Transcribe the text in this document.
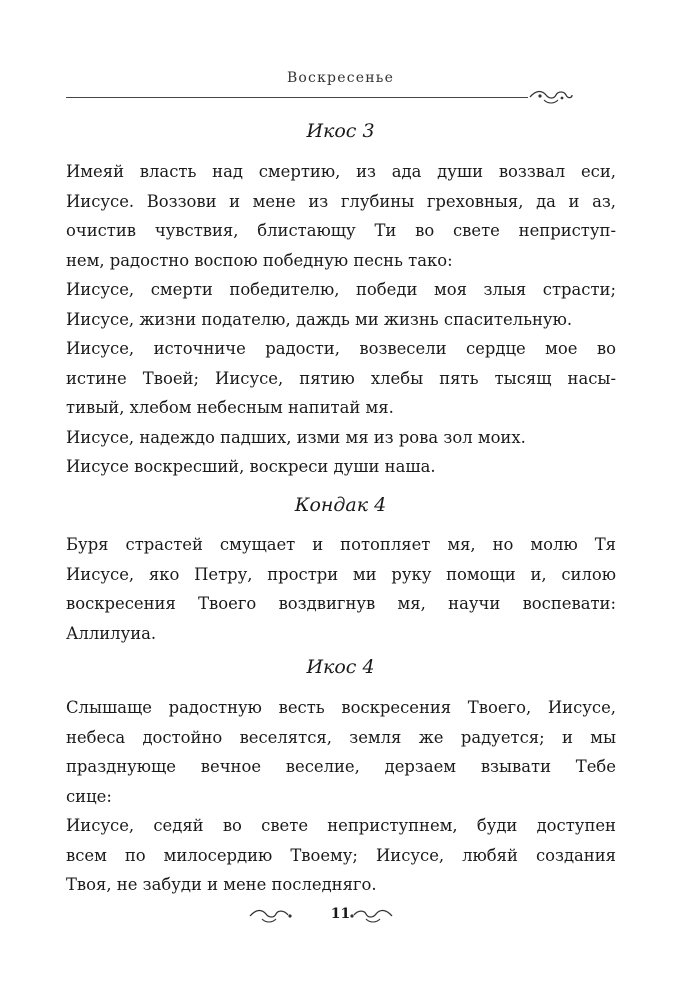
Воскресенье
Икос 3
Имеяй власть над смертию, из ада души воззвал еси,
Иисусе. Воззови и мене из глубины греховныя, да и аз,
очистив чувствия, блистающу Ти во свете неприступ-
нем, радостно воспою победную песнь тако:
Иисусе, смерти победителю, победи моя злыя страсти;
Иисусе, жизни подателю, даждь ми жизнь спасительную.
Иисусе, источниче радости, возвесели сердце мое во
истине Твоей; Иисусе, пятию хлебы пять тысящ насы-
тивый, хлебом небесным напитай мя.
Иисусе, надеждо падших, изми мя из рова зол моих.
Иисусе воскресший, воскреси души наша.
Кондак 4
Буря страстей смущает и потопляет мя, но молю Тя
Иисусе, яко Петру, простри ми руку помощи и, силою
воскресения Твоего воздвигнув мя, научи воспевати:
Аллилуиа.
Икос 4
Слышаще радостную весть воскресения Твоего, Иисусе,
небеса достойно веселятся, земля же радуется; и мы
празднующе вечное веселие, дерзаем взывати Тебе
сице:
Иисусе, седяй во свете неприступнем, буди доступен
всем по милосердию Твоему; Иисусе, любяй создания
Твоя, не забуди и мене последняго.
11
